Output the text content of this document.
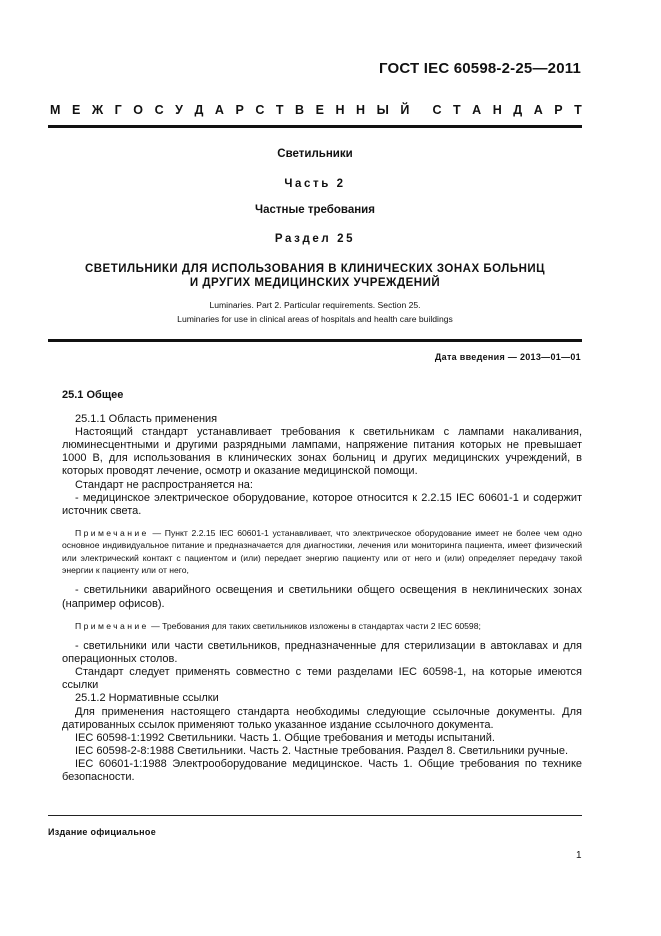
ГОСТ IEC 60598-2-25—2011
М Е Ж Г О С У Д А Р С Т В Е Н Н Ы Й С Т А Н Д А Р Т
Светильники
Часть 2
Частные требования
Раздел 25
СВЕТИЛЬНИКИ ДЛЯ ИСПОЛЬЗОВАНИЯ В КЛИНИЧЕСКИХ ЗОНАХ БОЛЬНИЦ
И ДРУГИХ МЕДИЦИНСКИХ УЧРЕЖДЕНИЙ
Luminaries. Part 2. Particular requirements. Section 25.
Luminaries for use in clinical areas of hospitals and health care buildings
Дата введения — 2013—01—01

25.1 Общее

25.1.1 Область применения

Настоящий стандарт устанавливает требования к светильникам с лампами накаливания, люминесцентными и другими разрядными лампами, напряжение питания которых не превышает 1000 В, для использования в клинических зонах больниц и других медицинских учреждений, в которых проводят лечение, осмотр и оказание медицинской помощи.

Стандарт не распространяется на:

- медицинское электрическое оборудование, которое относится к 2.2.15 IEC 60601-1 и содержит источник света.

Примечание — Пункт 2.2.15 IEC 60601-1 устанавливает, что электрическое оборудование имеет не более чем одно основное индивидуальное питание и предназначается для диагностики, лечения или мониторинга пациента, имеет физический или электрический контакт с пациентом и (или) передает энергию пациенту или от него и (или) определяет передачу такой энергии к пациенту или от него,

- светильники аварийного освещения и светильники общего освещения в неклинических зонах (например офисов).

Примечание — Требования для таких светильников изложены в стандартах части 2 IEC 60598;

- светильники или части светильников, предназначенные для стерилизации в автоклавах и для операционных столов.

Стандарт следует применять совместно с теми разделами IEC 60598-1, на которые имеются ссылки

25.1.2 Нормативные ссылки

Для применения настоящего стандарта необходимы следующие ссылочные документы. Для датированных ссылок применяют только указанное издание ссылочного документа.

IEC 60598-1:1992 Светильники. Часть 1. Общие требования и методы испытаний.

IEC 60598-2-8:1988 Светильники. Часть 2. Частные требования. Раздел 8. Светильники ручные.

IEC 60601-1:1988 Электрооборудование медицинское. Часть 1. Общие требования по технике безопасности.

Издание официальное
1
